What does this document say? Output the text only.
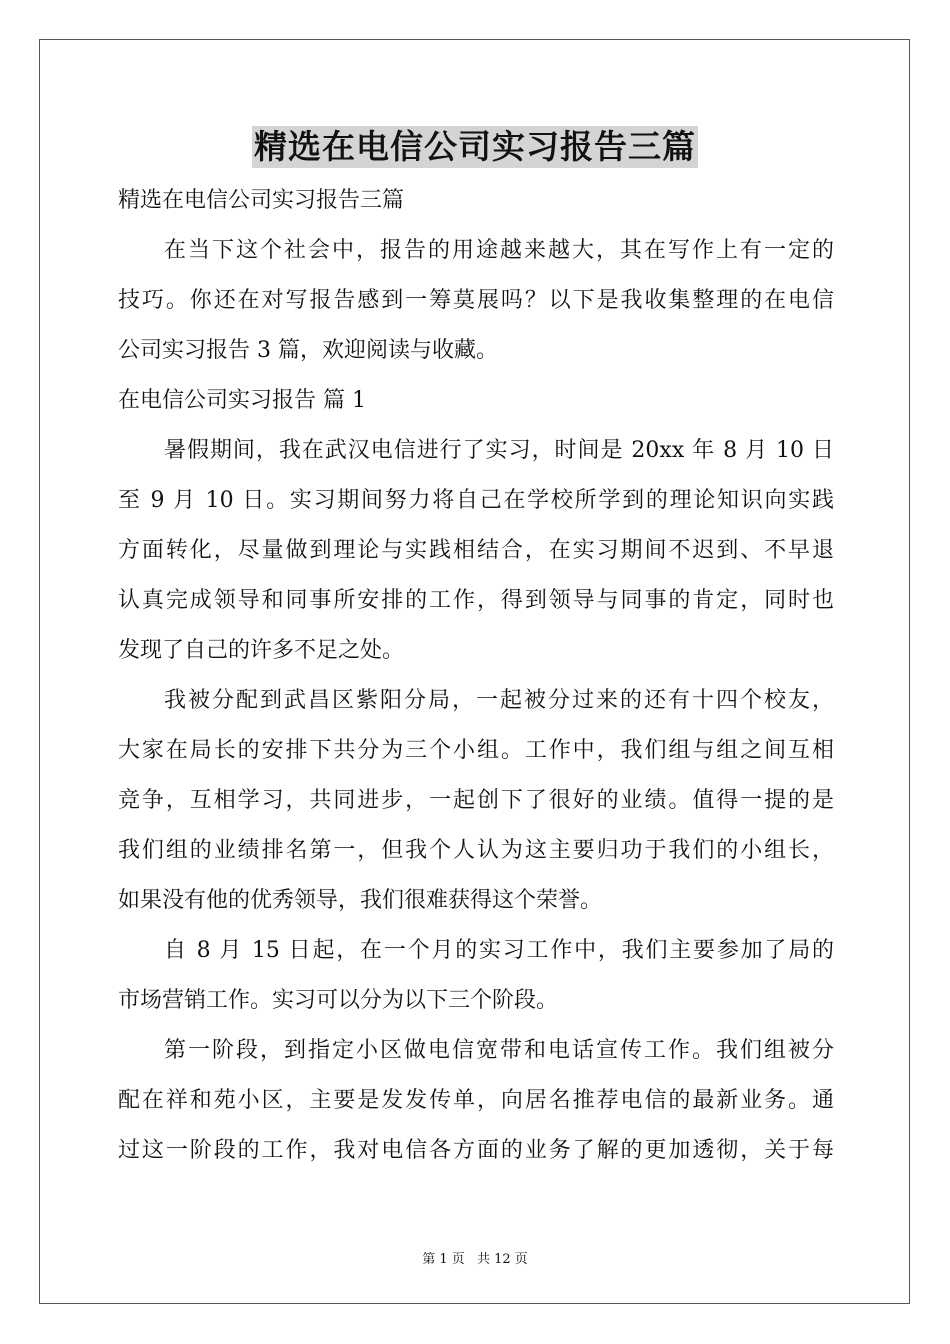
精选在电信公司实习报告三篇
精选在电信公司实习报告三篇
在当下这个社会中，报告的用途越来越大，其在写作上有一定的
技巧。你还在对写报告感到一筹莫展吗？以下是我收集整理的在电信
公司实习报告 3 篇，欢迎阅读与收藏。
在电信公司实习报告 篇 1
暑假期间，我在武汉电信进行了实习，时间是 20xx 年 8 月 10 日
至 9 月 10 日。实习期间努力将自己在学校所学到的理论知识向实践
方面转化，尽量做到理论与实践相结合，在实习期间不迟到、不早退
认真完成领导和同事所安排的工作，得到领导与同事的肯定，同时也
发现了自己的许多不足之处。
我被分配到武昌区紫阳分局，一起被分过来的还有十四个校友，
大家在局长的安排下共分为三个小组。工作中，我们组与组之间互相
竞争，互相学习，共同进步，一起创下了很好的业绩。值得一提的是
我们组的业绩排名第一，但我个人认为这主要归功于我们的小组长，
如果没有他的优秀领导，我们很难获得这个荣誉。
自 8 月 15 日起，在一个月的实习工作中，我们主要参加了局的
市场营销工作。实习可以分为以下三个阶段。
第一阶段，到指定小区做电信宽带和电话宣传工作。我们组被分
配在祥和苑小区，主要是发发传单，向居名推荐电信的最新业务。通
过这一阶段的工作，我对电信各方面的业务了解的更加透彻，关于每
第 1 页 共 12 页
